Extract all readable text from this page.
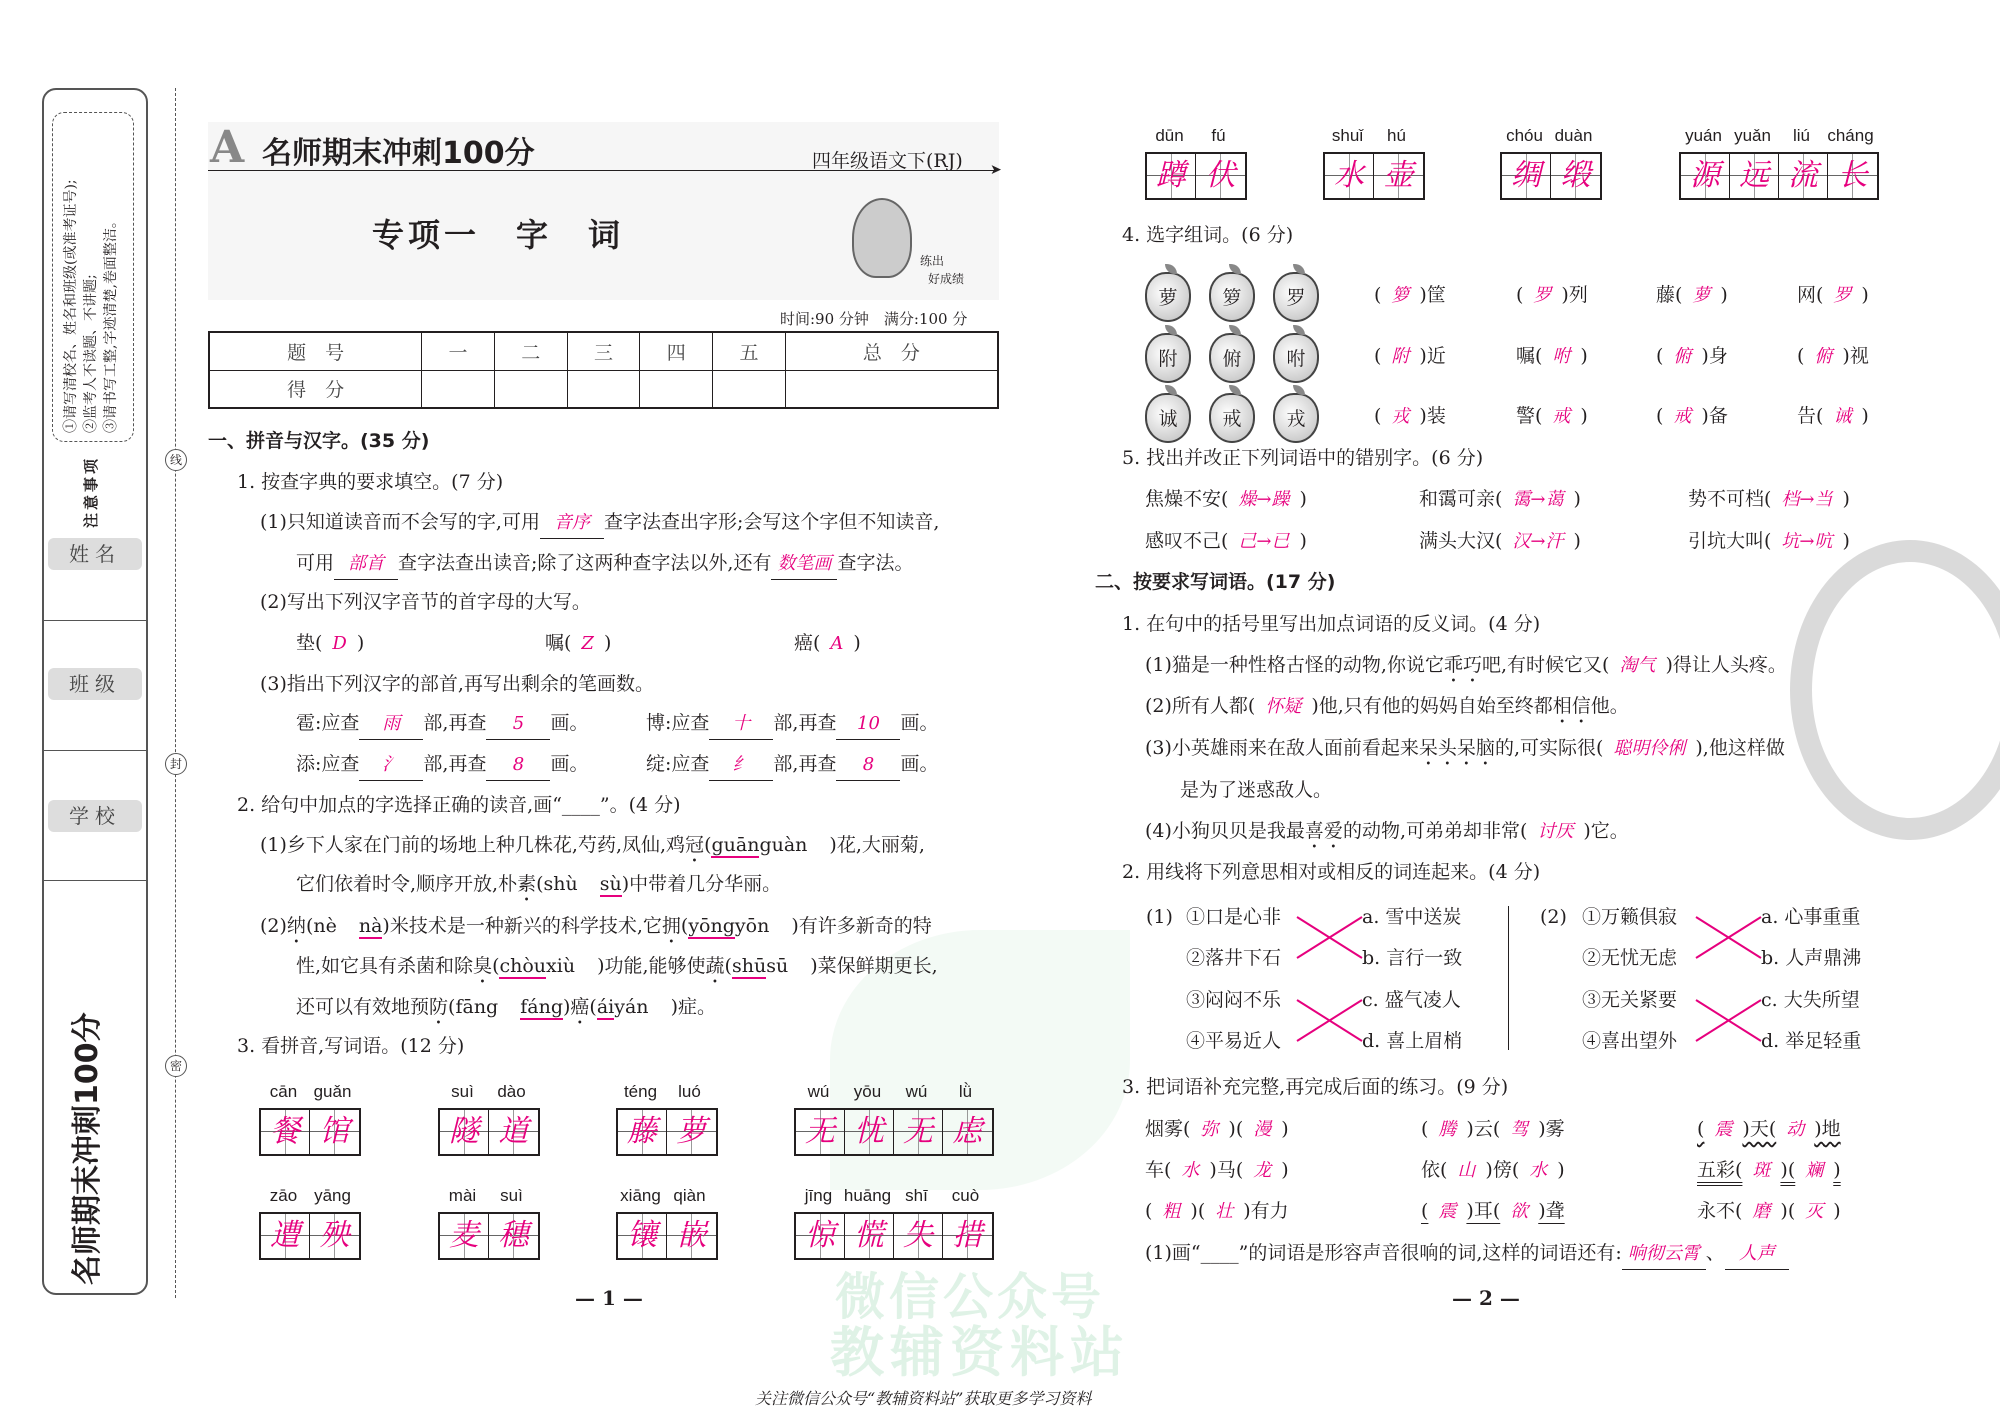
微信公众号
教辅资料站
①请写清校名、姓名和班级(或准考证号); ②监考人不读题、不讲题; ③请书写工整,字迹清楚,卷面整洁。
注意事项
姓名
班级
学校
名师期末冲刺100分
线
封
密
A 名师期末冲刺100分	四年级语文下(RJ) ➤
专项一　字　词
练出
好成绩
时间:90 分钟　满分:100 分
题　号	一	二	三	四	五	总　分
得　分						
一、拼音与汉字。(35 分)
1. 按查字典的要求填空。(7 分)
(1)只知道读音而不会写的字,可用 音序 查字法查出字形;会写这个字但不知读音,
可用 部首 查字法查出读音;除了这两种查字法以外,还有 数笔画 查字法。
(2)写出下列汉字音节的首字母的大写。
垫( D )	嘱( Z )	癌( A )
(3)指出下列汉字的部首,再写出剩余的笔画数。
雹:应查 雨 部,再查 5 画。	博:应查 十 部,再查 10 画。
添:应查 氵 部,再查 8 画。	绽:应查 纟 部,再查 8 画。
2. 给句中加点的字选择正确的读音,画“____”。(4 分)
(1)乡下人家在门前的场地上种几株花,芍药,凤仙,鸡冠(guānguàn )花,大丽菊,
它们依着时令,顺序开放,朴素(shù sù)中带着几分华丽。
(2)纳(nè nà)米技术是一种新兴的科学技术,它拥(yōngyōn )有许多新奇的特
性,如它具有杀菌和除臭(chòuxiù )功能,能够使蔬(shūsū )菜保鲜期更长,
还可以有效地预防(fāng fáng)癌(áiyán )症。
3. 看拼音,写词语。(12 分)
cān guǎn
餐 馆
suì	dào
隧 道
téng	luó
藤 萝
wú	yōu	wú	lǜ
无 忧 无 虑
zāo yāng
遭 殃
mài	suì
麦 穗
xiāng qiàn
镶 嵌
jīng huāng shī	cuò
惊 慌 失 措
— 1 —
dūn	fú
蹲 伏
shuǐ	hú
水 壶
chóu duàn
绸 缎
yuán yuǎn	liú	cháng
源 远 流 长
4. 选字组词。(6 分)
萝	箩	罗
附	俯	咐
诚	戒	戎
( 箩 )筐	( 罗 )列	藤( 萝 )	网( 罗 )
( 附 )近	嘱( 咐 )	( 俯 )身	( 俯 )视
( 戎 )装	警( 戒 )	( 戒 )备	告( 诫 )
5. 找出并改正下列词语中的错别字。(6 分)
焦燥不安( 燥→躁 )	和霭可亲( 霭→蔼 )	势不可档( 档→当 )
感叹不己( 己→已 )	满头大汉( 汉→汗 )	引坑大叫( 坑→吭 )
二、按要求写词语。(17 分)
1. 在句中的括号里写出加点词语的反义词。(4 分)
(1)猫是一种性格古怪的动物,你说它乖巧吧,有时候它又( 淘气 )得让人头疼。
(2)所有人都( 怀疑 )他,只有他的妈妈自始至终都相信他。
(3)小英雄雨来在敌人面前看起来呆头呆脑的,可实际很( 聪明伶俐 ),他这样做
是为了迷惑敌人。
(4)小狗贝贝是我最喜爱的动物,可弟弟却非常( 讨厌 )它。
2. 用线将下列意思相对或相反的词连起来。(4 分)
(1) ①口是心非
②落井下石
③闷闷不乐
④平易近人
a. 雪中送炭
b. 言行一致
c. 盛气凌人
d. 喜上眉梢
(2) ①万籁俱寂
②无忧无虑
③无关紧要
④喜出望外
a. 心事重重
b. 人声鼎沸
c. 大失所望
d. 举足轻重
3. 把词语补充完整,再完成后面的练习。(9 分)
烟雾( 弥 )( 漫 )	( 腾 )云( 驾 )雾	( 震 )天( 动 )地
车( 水 )马( 龙 )	依( 山 )傍( 水 )	五彩( 斑 )( 斓 )
( 粗 )( 壮 )有力	( 震 )耳( 欲 )聋	永不( 磨 )( 灭 )
(1)画“____”的词语是形容声音很响的词,这样的词语还有: 响彻云霄 、 人声
— 2 —
关注微信公众号“教辅资料站”获取更多学习资料
